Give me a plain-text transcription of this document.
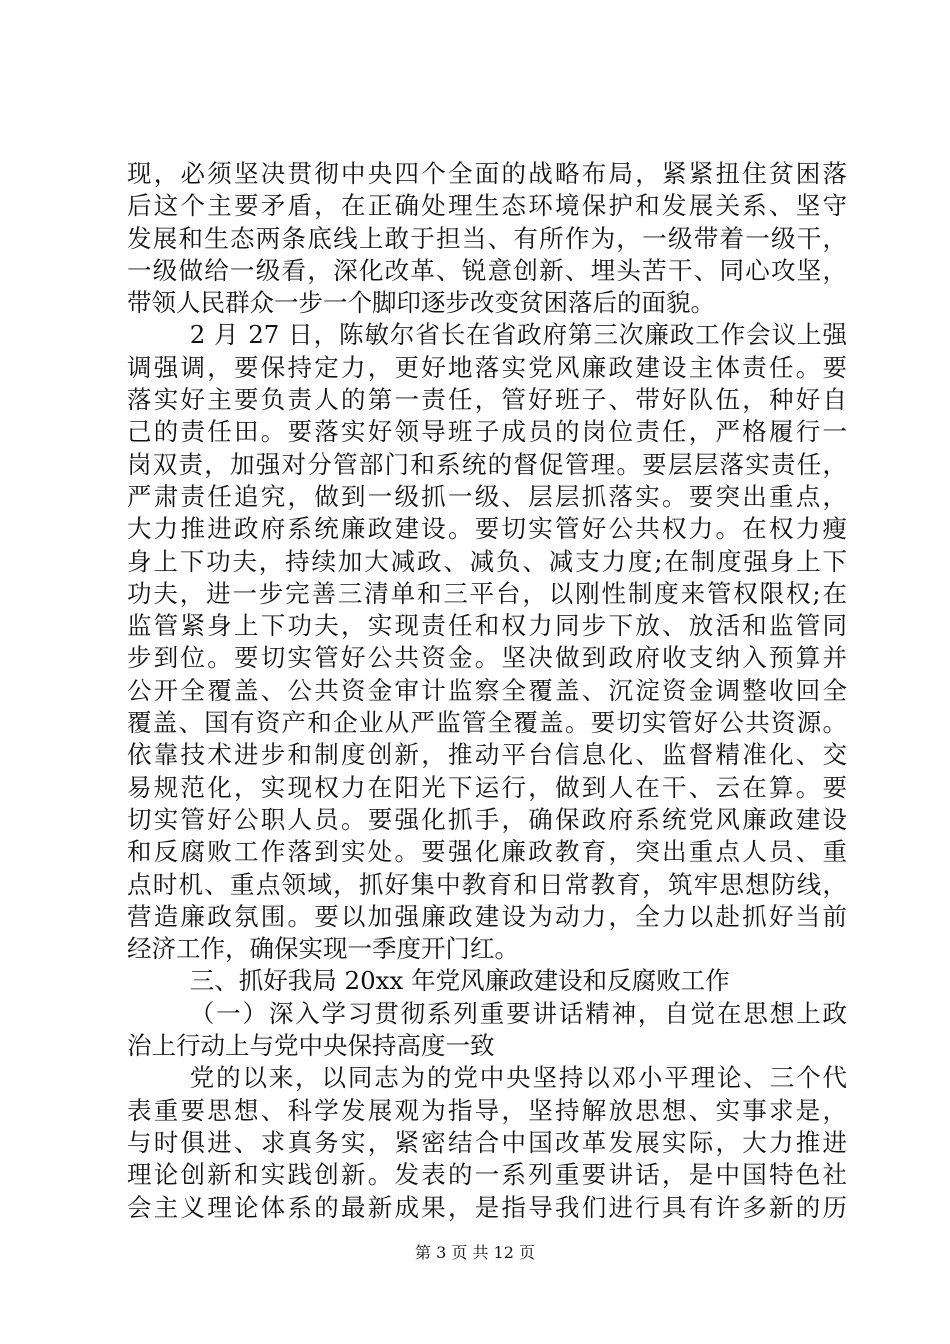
现，必须坚决贯彻中央四个全面的战略布局，紧紧扭住贫困落
后这个主要矛盾，在正确处理生态环境保护和发展关系、坚守
发展和生态两条底线上敢于担当、有所作为，一级带着一级干，
一级做给一级看，深化改革、锐意创新、埋头苦干、同心攻坚，
带领人民群众一步一个脚印逐步改变贫困落后的面貌。
2 月 27 日，陈敏尔省长在省政府第三次廉政工作会议上强
调强调，要保持定力，更好地落实党风廉政建设主体责任。要
落实好主要负责人的第一责任，管好班子、带好队伍，种好自
己的责任田。要落实好领导班子成员的岗位责任，严格履行一
岗双责，加强对分管部门和系统的督促管理。要层层落实责任，
严肃责任追究，做到一级抓一级、层层抓落实。要突出重点，
大力推进政府系统廉政建设。要切实管好公共权力。在权力瘦
身上下功夫，持续加大减政、减负、减支力度;在制度强身上下
功夫，进一步完善三清单和三平台，以刚性制度来管权限权;在
监管紧身上下功夫，实现责任和权力同步下放、放活和监管同
步到位。要切实管好公共资金。坚决做到政府收支纳入预算并
公开全覆盖、公共资金审计监察全覆盖、沉淀资金调整收回全
覆盖、国有资产和企业从严监管全覆盖。要切实管好公共资源。
依靠技术进步和制度创新，推动平台信息化、监督精准化、交
易规范化，实现权力在阳光下运行，做到人在干、云在算。要
切实管好公职人员。要强化抓手，确保政府系统党风廉政建设
和反腐败工作落到实处。要强化廉政教育，突出重点人员、重
点时机、重点领域，抓好集中教育和日常教育，筑牢思想防线，
营造廉政氛围。要以加强廉政建设为动力，全力以赴抓好当前
经济工作，确保实现一季度开门红。
三、抓好我局 20xx 年党风廉政建设和反腐败工作
（一）深入学习贯彻系列重要讲话精神，自觉在思想上政
治上行动上与党中央保持高度一致
党的以来，以同志为的党中央坚持以邓小平理论、三个代
表重要思想、科学发展观为指导，坚持解放思想、实事求是，
与时俱进、求真务实，紧密结合中国改革发展实际，大力推进
理论创新和实践创新。发表的一系列重要讲话，是中国特色社
会主义理论体系的最新成果，是指导我们进行具有许多新的历
第 3 页 共 12 页
